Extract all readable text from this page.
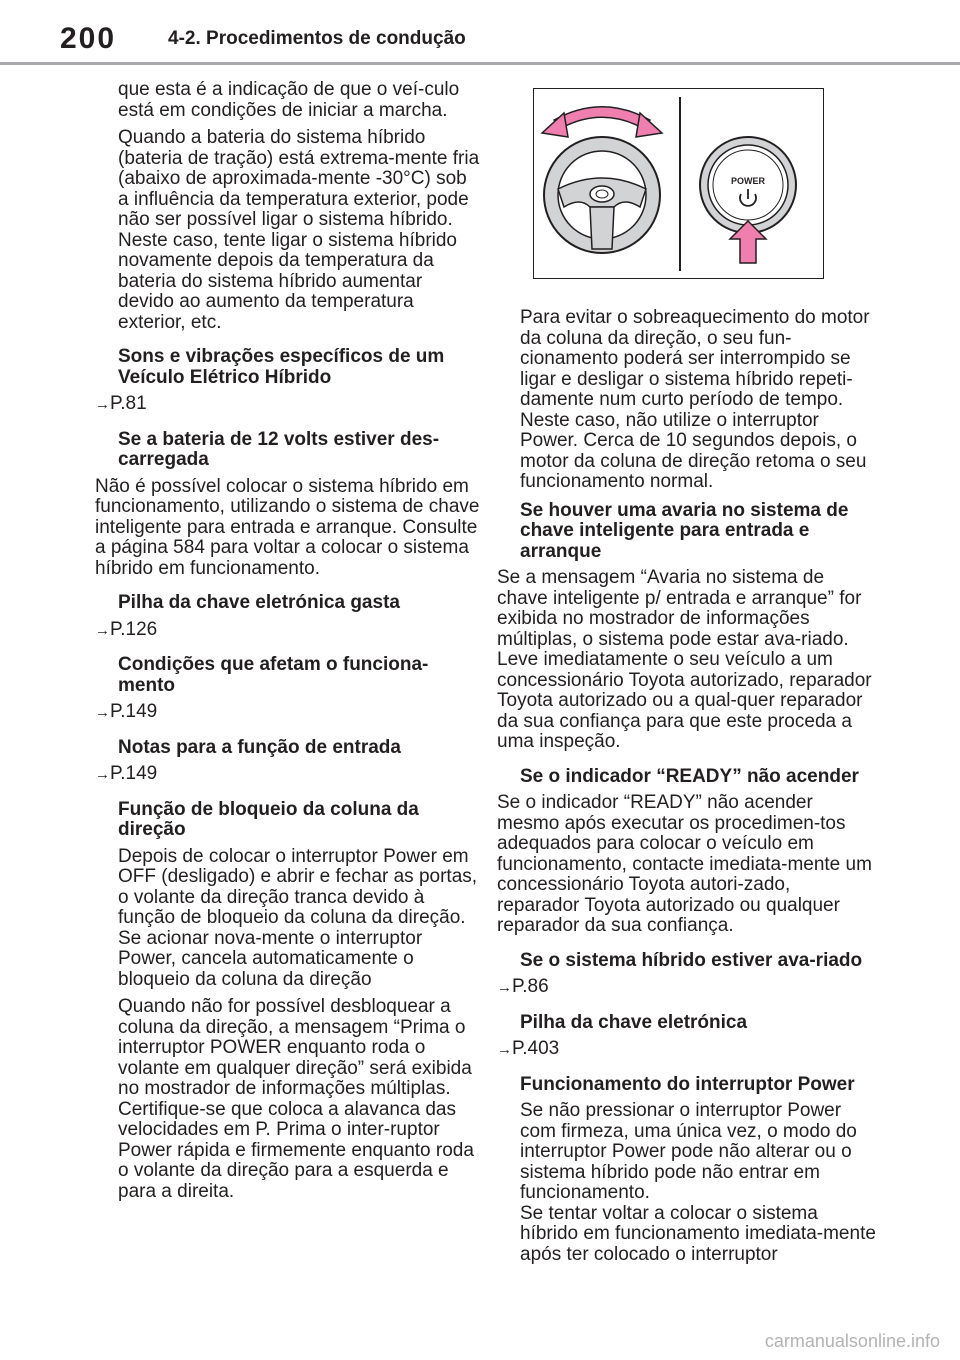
200	4-2. Procedimentos de condução

que esta é a indicação de que o veí-culo está em condições de iniciar a marcha.

Quando a bateria do sistema híbrido (bateria de tração) está extrema-mente fria (abaixo de aproximada-mente -30°C) sob a influência da temperatura exterior, pode não ser possível ligar o sistema híbrido. Neste caso, tente ligar o sistema híbrido novamente depois da temperatura da bateria do sistema híbrido aumentar devido ao aumento da temperatura exterior, etc.

Sons e vibrações específicos de um Veículo Elétrico Híbrido

→P.81

Se a bateria de 12 volts estiver des-carregada

Não é possível colocar o sistema híbrido em funcionamento, utilizando o sistema de chave inteligente para entrada e arranque. Consulte a página 584 para voltar a colocar o sistema híbrido em funcionamento.

Pilha da chave eletrónica gasta

→P.126

Condições que afetam o funciona-mento

→P.149

Notas para a função de entrada

→P.149

Função de bloqueio da coluna da direção

Depois de colocar o interruptor Power em OFF (desligado) e abrir e fechar as portas, o volante da direção tranca devido à função de bloqueio da coluna da direção. Se acionar nova-mente o interruptor Power, cancela automaticamente o bloqueio da coluna da direção

Quando não for possível desbloquear a coluna da direção, a mensagem “Prima o interruptor POWER enquanto roda o volante em qualquer direção” será exibida no mostrador de informações múltiplas.

Certifique-se que coloca a alavanca das velocidades em P. Prima o inter-ruptor Power rápida e firmemente enquanto roda o volante da direção para a esquerda e para a direita.

POWER

Para evitar o sobreaquecimento do motor da coluna da direção, o seu fun-cionamento poderá ser interrompido se ligar e desligar o sistema híbrido repeti-damente num curto período de tempo. Neste caso, não utilize o interruptor Power. Cerca de 10 segundos depois, o motor da coluna de direção retoma o seu funcionamento normal.

Se houver uma avaria no sistema de chave inteligente para entrada e arranque

Se a mensagem “Avaria no sistema de chave inteligente p/ entrada e arranque” for exibida no mostrador de informações múltiplas, o sistema pode estar ava-riado. Leve imediatamente o seu veículo a um concessionário Toyota autorizado, reparador Toyota autorizado ou a qual-quer reparador da sua confiança para que este proceda a uma inspeção.

Se o indicador “READY” não acender

Se o indicador “READY” não acender mesmo após executar os procedimen-tos adequados para colocar o veículo em funcionamento, contacte imediata-mente um concessionário Toyota autori-zado, reparador Toyota autorizado ou qualquer reparador da sua confiança.

Se o sistema híbrido estiver ava-riado

→P.86

Pilha da chave eletrónica

→P.403

Funcionamento do interruptor Power

Se não pressionar o interruptor Power com firmeza, uma única vez, o modo do interruptor Power pode não alterar ou o sistema híbrido pode não entrar em funcionamento.

Se tentar voltar a colocar o sistema híbrido em funcionamento imediata-mente após ter colocado o interruptor

carmanualsonline.info
